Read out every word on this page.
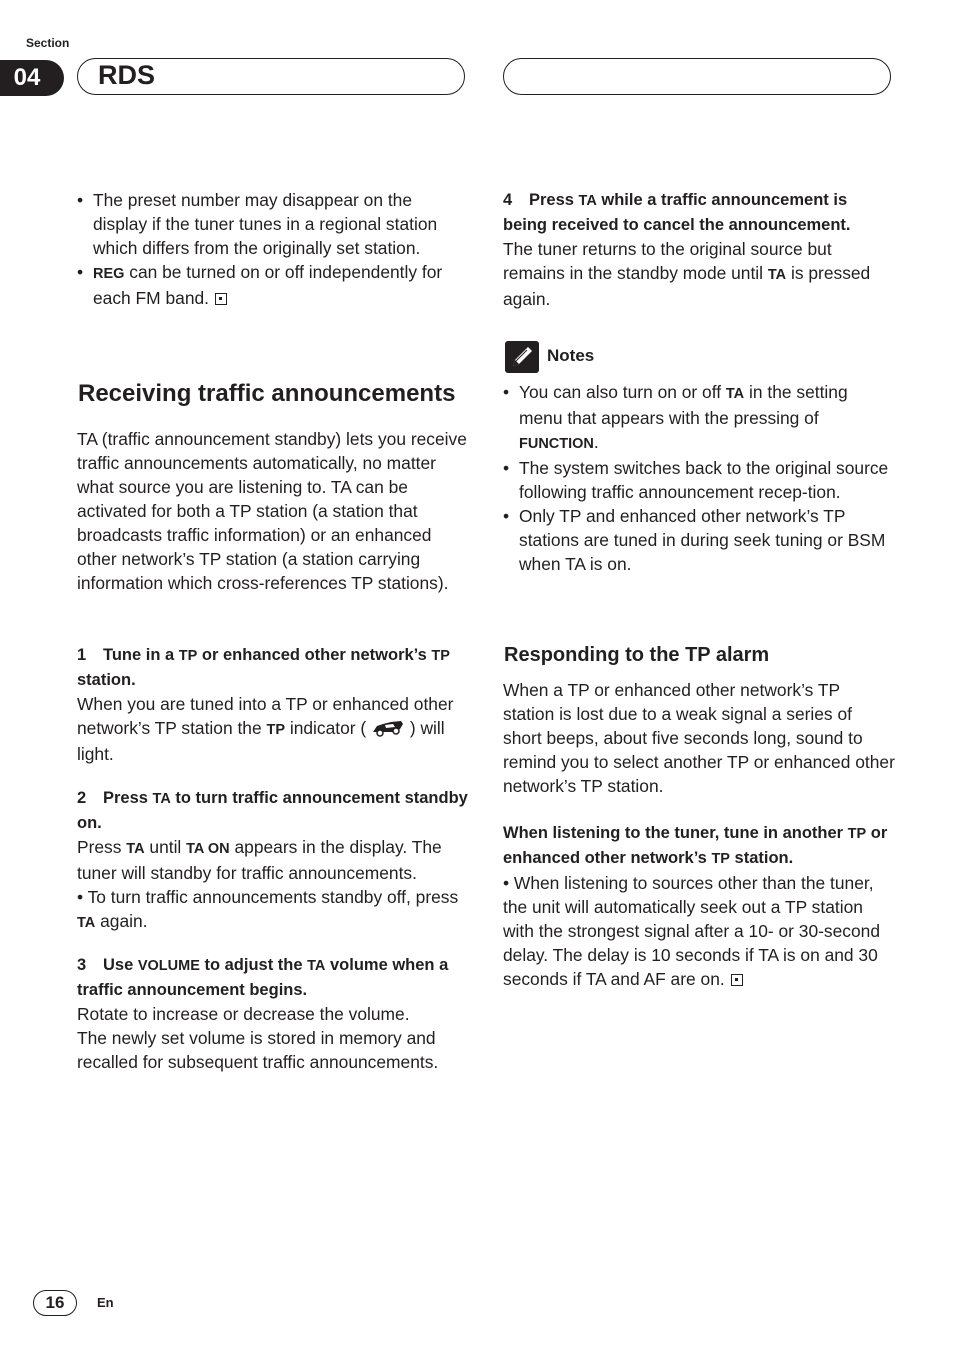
Section
04 RDS

• The preset number may disappear on the display if the tuner tunes in a regional station which differs from the originally set station.

• REG can be turned on or off independently for each FM band.

Receiving traffic announcements

TA (traffic announcement standby) lets you receive traffic announcements automatically, no matter what source you are listening to. TA can be activated for both a TP station (a station that broadcasts traffic information) or an enhanced other network’s TP station (a station carrying information which cross-references TP stations).

1 Tune in a TP or enhanced other network’s TP station.

When you are tuned into a TP or enhanced other network’s TP station the TP indicator (  ) will light.

2 Press TA to turn traffic announcement standby on.

Press TA until TA ON appears in the display. The tuner will standby for traffic announcements.

• To turn traffic announcements standby off, press TA again.

3 Use VOLUME to adjust the TA volume when a traffic announcement begins.

Rotate to increase or decrease the volume.

The newly set volume is stored in memory and recalled for subsequent traffic announcements.

4 Press TA while a traffic announcement is being received to cancel the announcement.

The tuner returns to the original source but remains in the standby mode until TA is pressed again.

Notes

• You can also turn on or off TA in the setting menu that appears with the pressing of FUNCTION.

• The system switches back to the original source following traffic announcement recep-tion.

• Only TP and enhanced other network’s TP stations are tuned in during seek tuning or BSM when TA is on.

Responding to the TP alarm

When a TP or enhanced other network’s TP station is lost due to a weak signal a series of short beeps, about five seconds long, sound to remind you to select another TP or enhanced other network’s TP station.

When listening to the tuner, tune in another TP or enhanced other network’s TP station.

• When listening to sources other than the tuner, the unit will automatically seek out a TP station with the strongest signal after a 10- or 30-second delay. The delay is 10 seconds if TA is on and 30 seconds if TA and AF are on.

16	En
